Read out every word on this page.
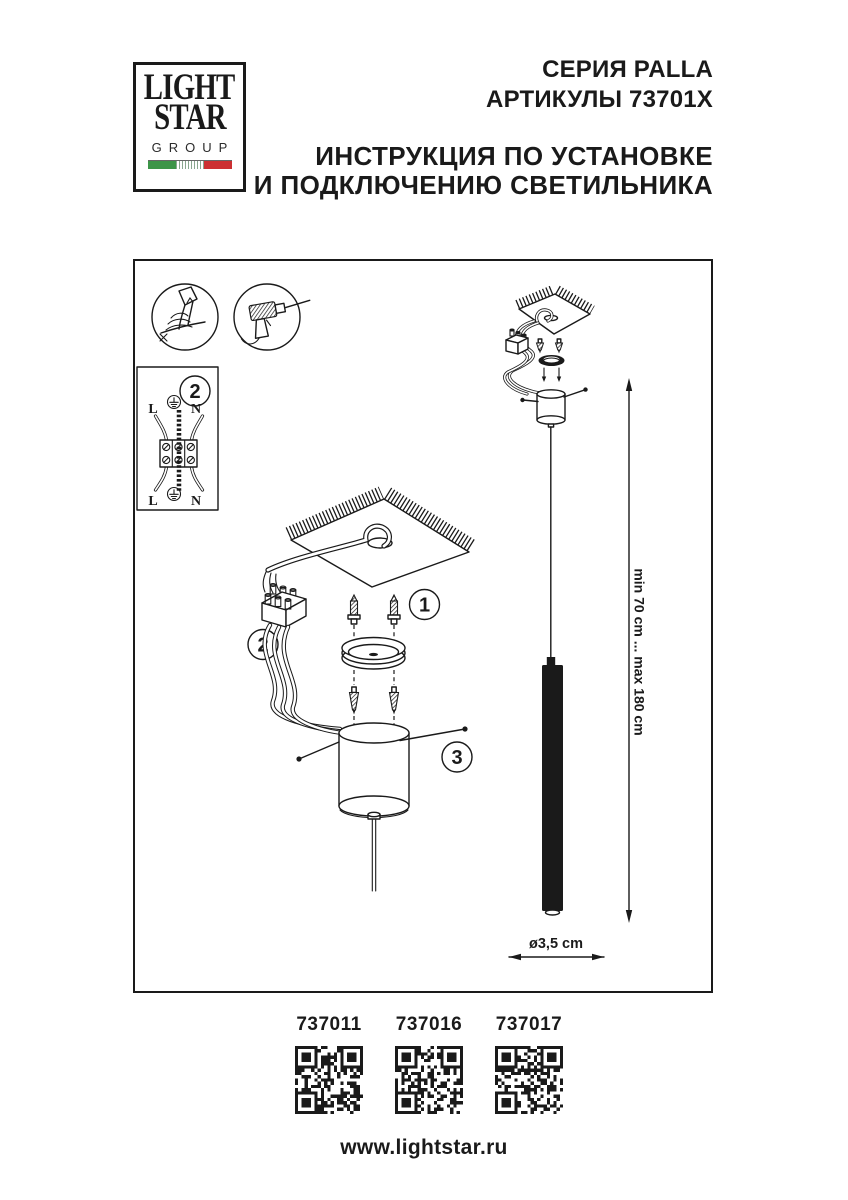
LIGHT
STAR
GROUP
СЕРИЯ PALLA
АРТИКУЛЫ 73701X
ИНСТРУКЦИЯ ПО УСТАНОВКЕ
И ПОДКЛЮЧЕНИЮ СВЕТИЛЬНИКА
2
L N
L N
2
1
3
min 70 cm ... max 180 cm
ø3,5 cm
737011	737016	737017
www.lightstar.ru
